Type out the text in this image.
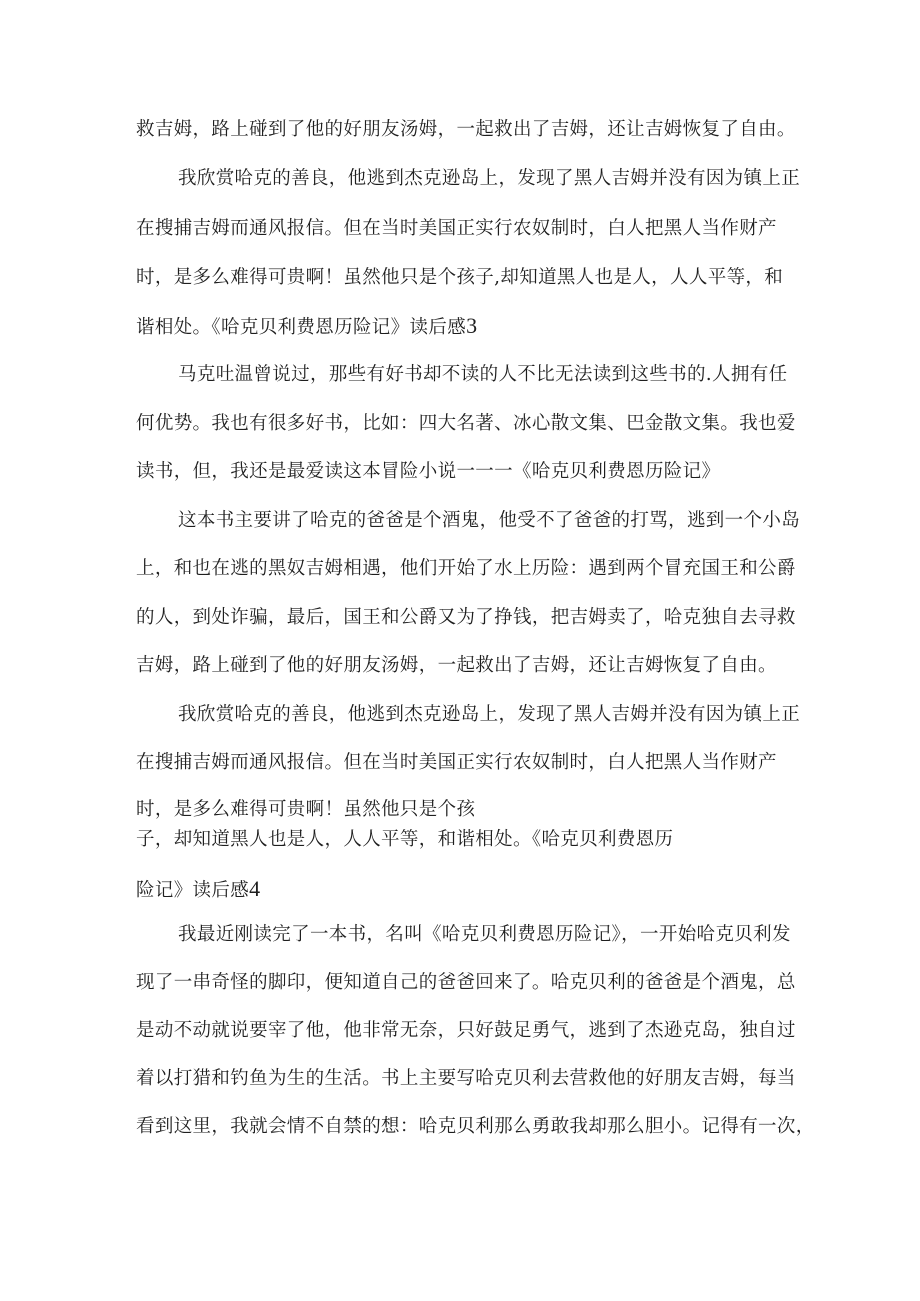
救吉姆，路上碰到了他的好朋友汤姆，一起救出了吉姆，还让吉姆恢复了自由。

我欣赏哈克的善良，他逃到杰克逊岛上，发现了黑人吉姆并没有因为镇上正

在搜捕吉姆而通风报信。但在当时美国正实行农奴制时，白人把黑人当作财产

时，是多么难得可贵啊！虽然他只是个孩子,却知道黑人也是人，人人平等，和

谐相处。《哈克贝利费恩历险记》读后感3

马克吐温曾说过，那些有好书却不读的人不比无法读到这些书的.人拥有任

何优势。我也有很多好书，比如：四大名著、冰心散文集、巴金散文集。我也爱

读书，但，我还是最爱读这本冒险小说一一一《哈克贝利费恩历险记》

这本书主要讲了哈克的爸爸是个酒鬼，他受不了爸爸的打骂，逃到一个小岛

上，和也在逃的黑奴吉姆相遇，他们开始了水上历险：遇到两个冒充国王和公爵

的人，到处诈骗，最后，国王和公爵又为了挣钱，把吉姆卖了，哈克独自去寻救

吉姆，路上碰到了他的好朋友汤姆，一起救出了吉姆，还让吉姆恢复了自由。

我欣赏哈克的善良，他逃到杰克逊岛上，发现了黑人吉姆并没有因为镇上正

在搜捕吉姆而通风报信。但在当时美国正实行农奴制时，白人把黑人当作财产

时，是多么难得可贵啊！虽然他只是个孩

子，却知道黑人也是人，人人平等，和谐相处。《哈克贝利费恩历

险记》读后感4

我最近刚读完了一本书，名叫《哈克贝利费恩历险记》，一开始哈克贝利发

现了一串奇怪的脚印，便知道自己的爸爸回来了。哈克贝利的爸爸是个酒鬼，总

是动不动就说要宰了他，他非常无奈，只好鼓足勇气，逃到了杰逊克岛，独自过

着以打猎和钓鱼为生的生活。书上主要写哈克贝利去营救他的好朋友吉姆，每当

看到这里，我就会情不自禁的想：哈克贝利那么勇敢我却那么胆小。记得有一次，
